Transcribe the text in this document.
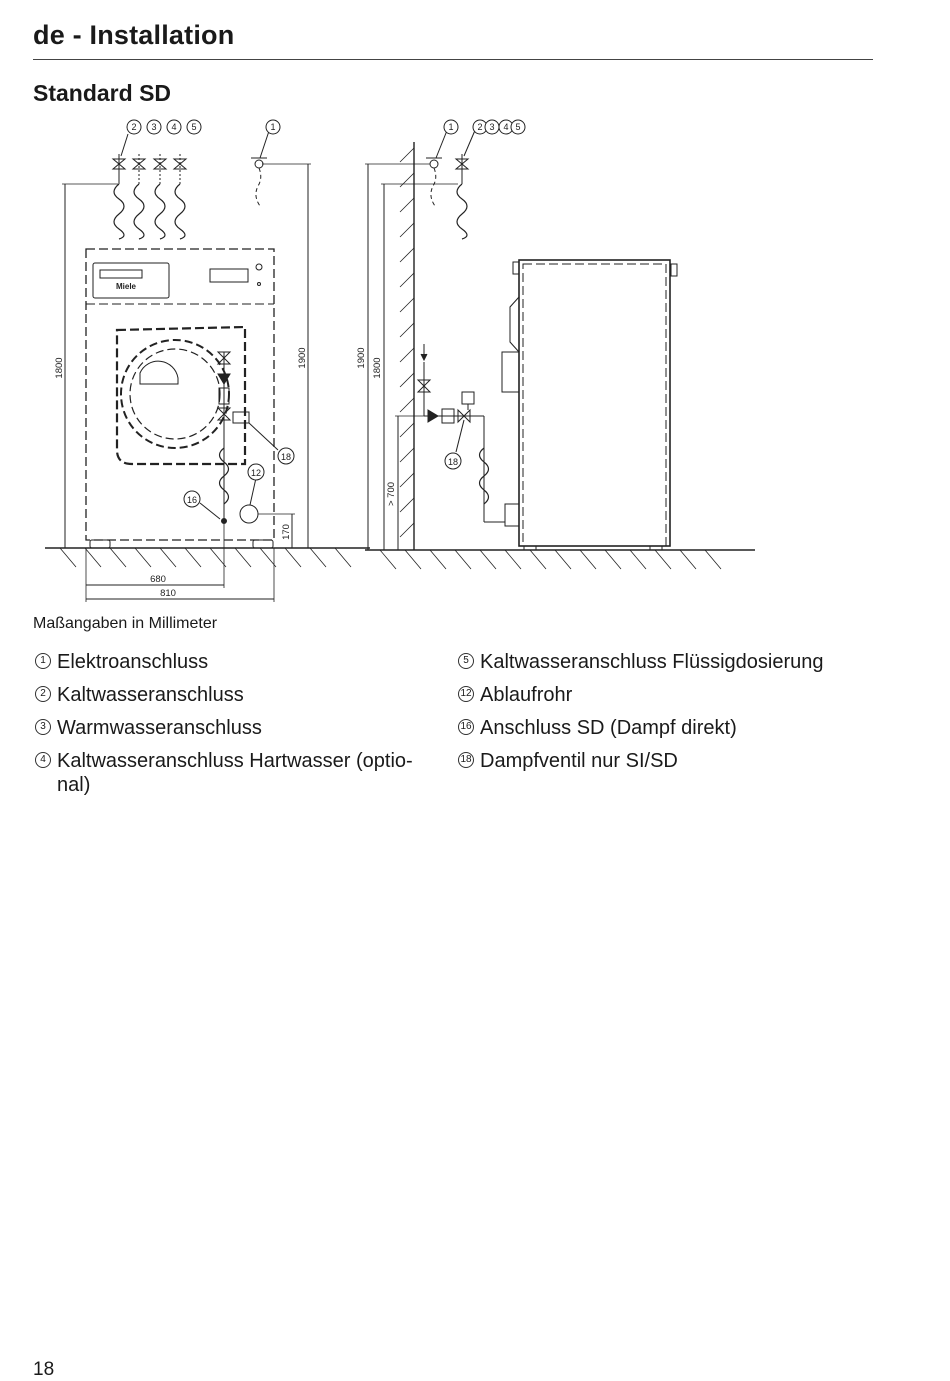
de - Installation
Standard SD
2 3 4 5	1
18
12
16
1	2 3 4 5
18
1800	1900
170
680
810
1900 1800
> 700
Miele
Maßangaben in Millimeter
1 Elektroanschluss
2 Kaltwasseranschluss
3 Warmwasseranschluss
4 Kaltwasseranschluss Hartwasser (optio-
nal)
5 Kaltwasseranschluss Flüssigdosierung
12 Ablaufrohr
16 Anschluss SD (Dampf direkt)
18 Dampfventil nur SI/SD
18
